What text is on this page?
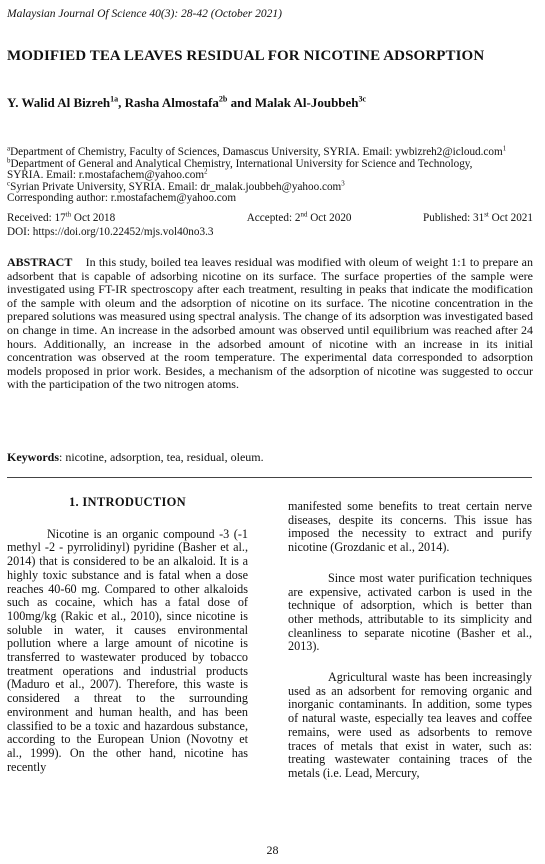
Malaysian Journal Of Science 40(3): 28-42 (October 2021)
MODIFIED TEA LEAVES RESIDUAL FOR NICOTINE ADSORPTION
Y. Walid Al Bizreh$^{1a}$, Rasha Almostafa$^{2b}$ and Malak Al-Joubbeh$^{3c}$
$^a$Department of Chemistry, Faculty of Sciences, Damascus University, SYRIA. Email: ywbizreh2@icloud.com$^1$
$^b$Department of General and Analytical Chemistry, International University for Science and Technology,
SYRIA. Email: r.mostafachem@yahoo.com$^2$
$^c$Syrian Private University, SYRIA. Email: dr_malak.joubbeh@yahoo.com$^3$
Corresponding author: r.mostafachem@yahoo.com
Received: 17th Oct 2018	Accepted: 2nd Oct 2020	Published: 31st Oct 2021
DOI: https://doi.org/10.22452/mjs.vol40no3.3
ABSTRACT In this study, boiled tea leaves residual was modified with oleum of weight 1:1 to prepare an adsorbent that is capable of adsorbing nicotine on its surface. The surface properties of the sample were investigated using FT-IR spectroscopy after each treatment, resulting in peaks that indicate the modification of the sample with oleum and the adsorption of nicotine on its surface. The nicotine concentration in the prepared solutions was measured using spectral analysis. The change of its adsorption was investigated based on change in time. An increase in the adsorbed amount was observed until equilibrium was reached after 24 hours. Additionally, an increase in the adsorbed amount of nicotine with an increase in its initial concentration was observed at the room temperature. The experimental data corresponded to adsorption models proposed in prior work. Besides, a mechanism of the adsorption of nicotine was suggested to occur with the participation of the two nitrogen atoms.
Keywords: nicotine, adsorption, tea, residual, oleum.
1. INTRODUCTION

Nicotine is an organic compound -3 (-1 methyl -2 - pyrrolidinyl) pyridine (Basher et al., 2014) that is considered to be an alkaloid. It is a highly toxic substance and is fatal when a dose reaches 40-60 mg. Compared to other alkaloids such as cocaine, which has a fatal dose of 100mg/kg (Rakic et al., 2010), since nicotine is soluble in water, it causes environmental pollution where a large amount of nicotine is transferred to wastewater produced by tobacco treatment operations and industrial products (Maduro et al., 2007). Therefore, this waste is considered a threat to the surrounding environment and human health, and has been classified to be a toxic and hazardous substance, according to the European Union (Novotny et al., 1999). On the other hand, nicotine has recently

manifested some benefits to treat certain nerve diseases, despite its concerns. This issue has imposed the necessity to extract and purify nicotine (Grozdanic et al., 2014).

Since most water purification techniques are expensive, activated carbon is used in the technique of adsorption, which is better than other methods, attributable to its simplicity and cleanliness to separate nicotine (Basher et al., 2013).

Agricultural waste has been increasingly used as an adsorbent for removing organic and inorganic contaminants. In addition, some types of natural waste, especially tea leaves and coffee remains, were used as adsorbents to remove traces of metals that exist in water, such as: treating wastewater containing traces of the metals (i.e. Lead, Mercury,

28
